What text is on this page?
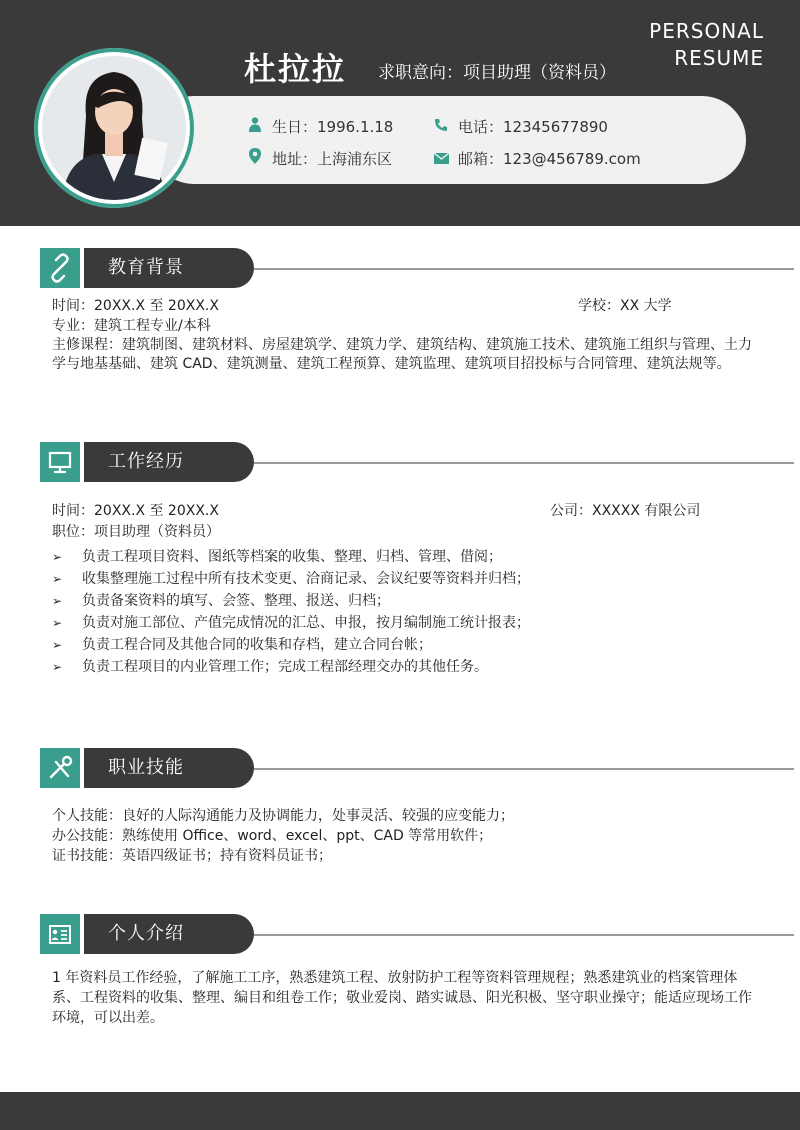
PERSONAL
RESUME
杜拉拉 求职意向：项目助理（资料员）
生日：1996.1.18	电话：12345677890
地址：上海浦东区	邮箱：123@456789.com
教育背景
时间：20XX.X 至 20XX.X	学校：XX 大学
专业：建筑工程专业/本科
主修课程：建筑制图、建筑材料、房屋建筑学、建筑力学、建筑结构、建筑施工技术、建筑施工组织与管理、土力学与地基基础、建筑 CAD、建筑测量、建筑工程预算、建筑监理、建筑项目招投标与合同管理、建筑法规等。
工作经历
时间：20XX.X 至 20XX.X	公司：XXXXX 有限公司
职位：项目助理（资料员）
➢ 负责工程项目资料、图纸等档案的收集、整理、归档、管理、借阅；
➢ 收集整理施工过程中所有技术变更、洽商记录、会议纪要等资料并归档；
➢ 负责备案资料的填写、会签、整理、报送、归档；
➢ 负责对施工部位、产值完成情况的汇总、申报，按月编制施工统计报表；
➢ 负责工程合同及其他合同的收集和存档，建立合同台帐；
➢ 负责工程项目的内业管理工作；完成工程部经理交办的其他任务。
职业技能
个人技能：良好的人际沟通能力及协调能力，处事灵活、较强的应变能力；
办公技能：熟练使用 Office、word、excel、ppt、CAD 等常用软件；
证书技能：英语四级证书；持有资料员证书；
个人介绍
1 年资料员工作经验，了解施工工序，熟悉建筑工程、放射防护工程等资料管理规程；熟悉建筑业的档案管理体系、工程资料的收集、整理、编目和组卷工作；敬业爱岗、踏实诚恳、阳光积极、坚守职业操守；能适应现场工作环境，可以出差。
